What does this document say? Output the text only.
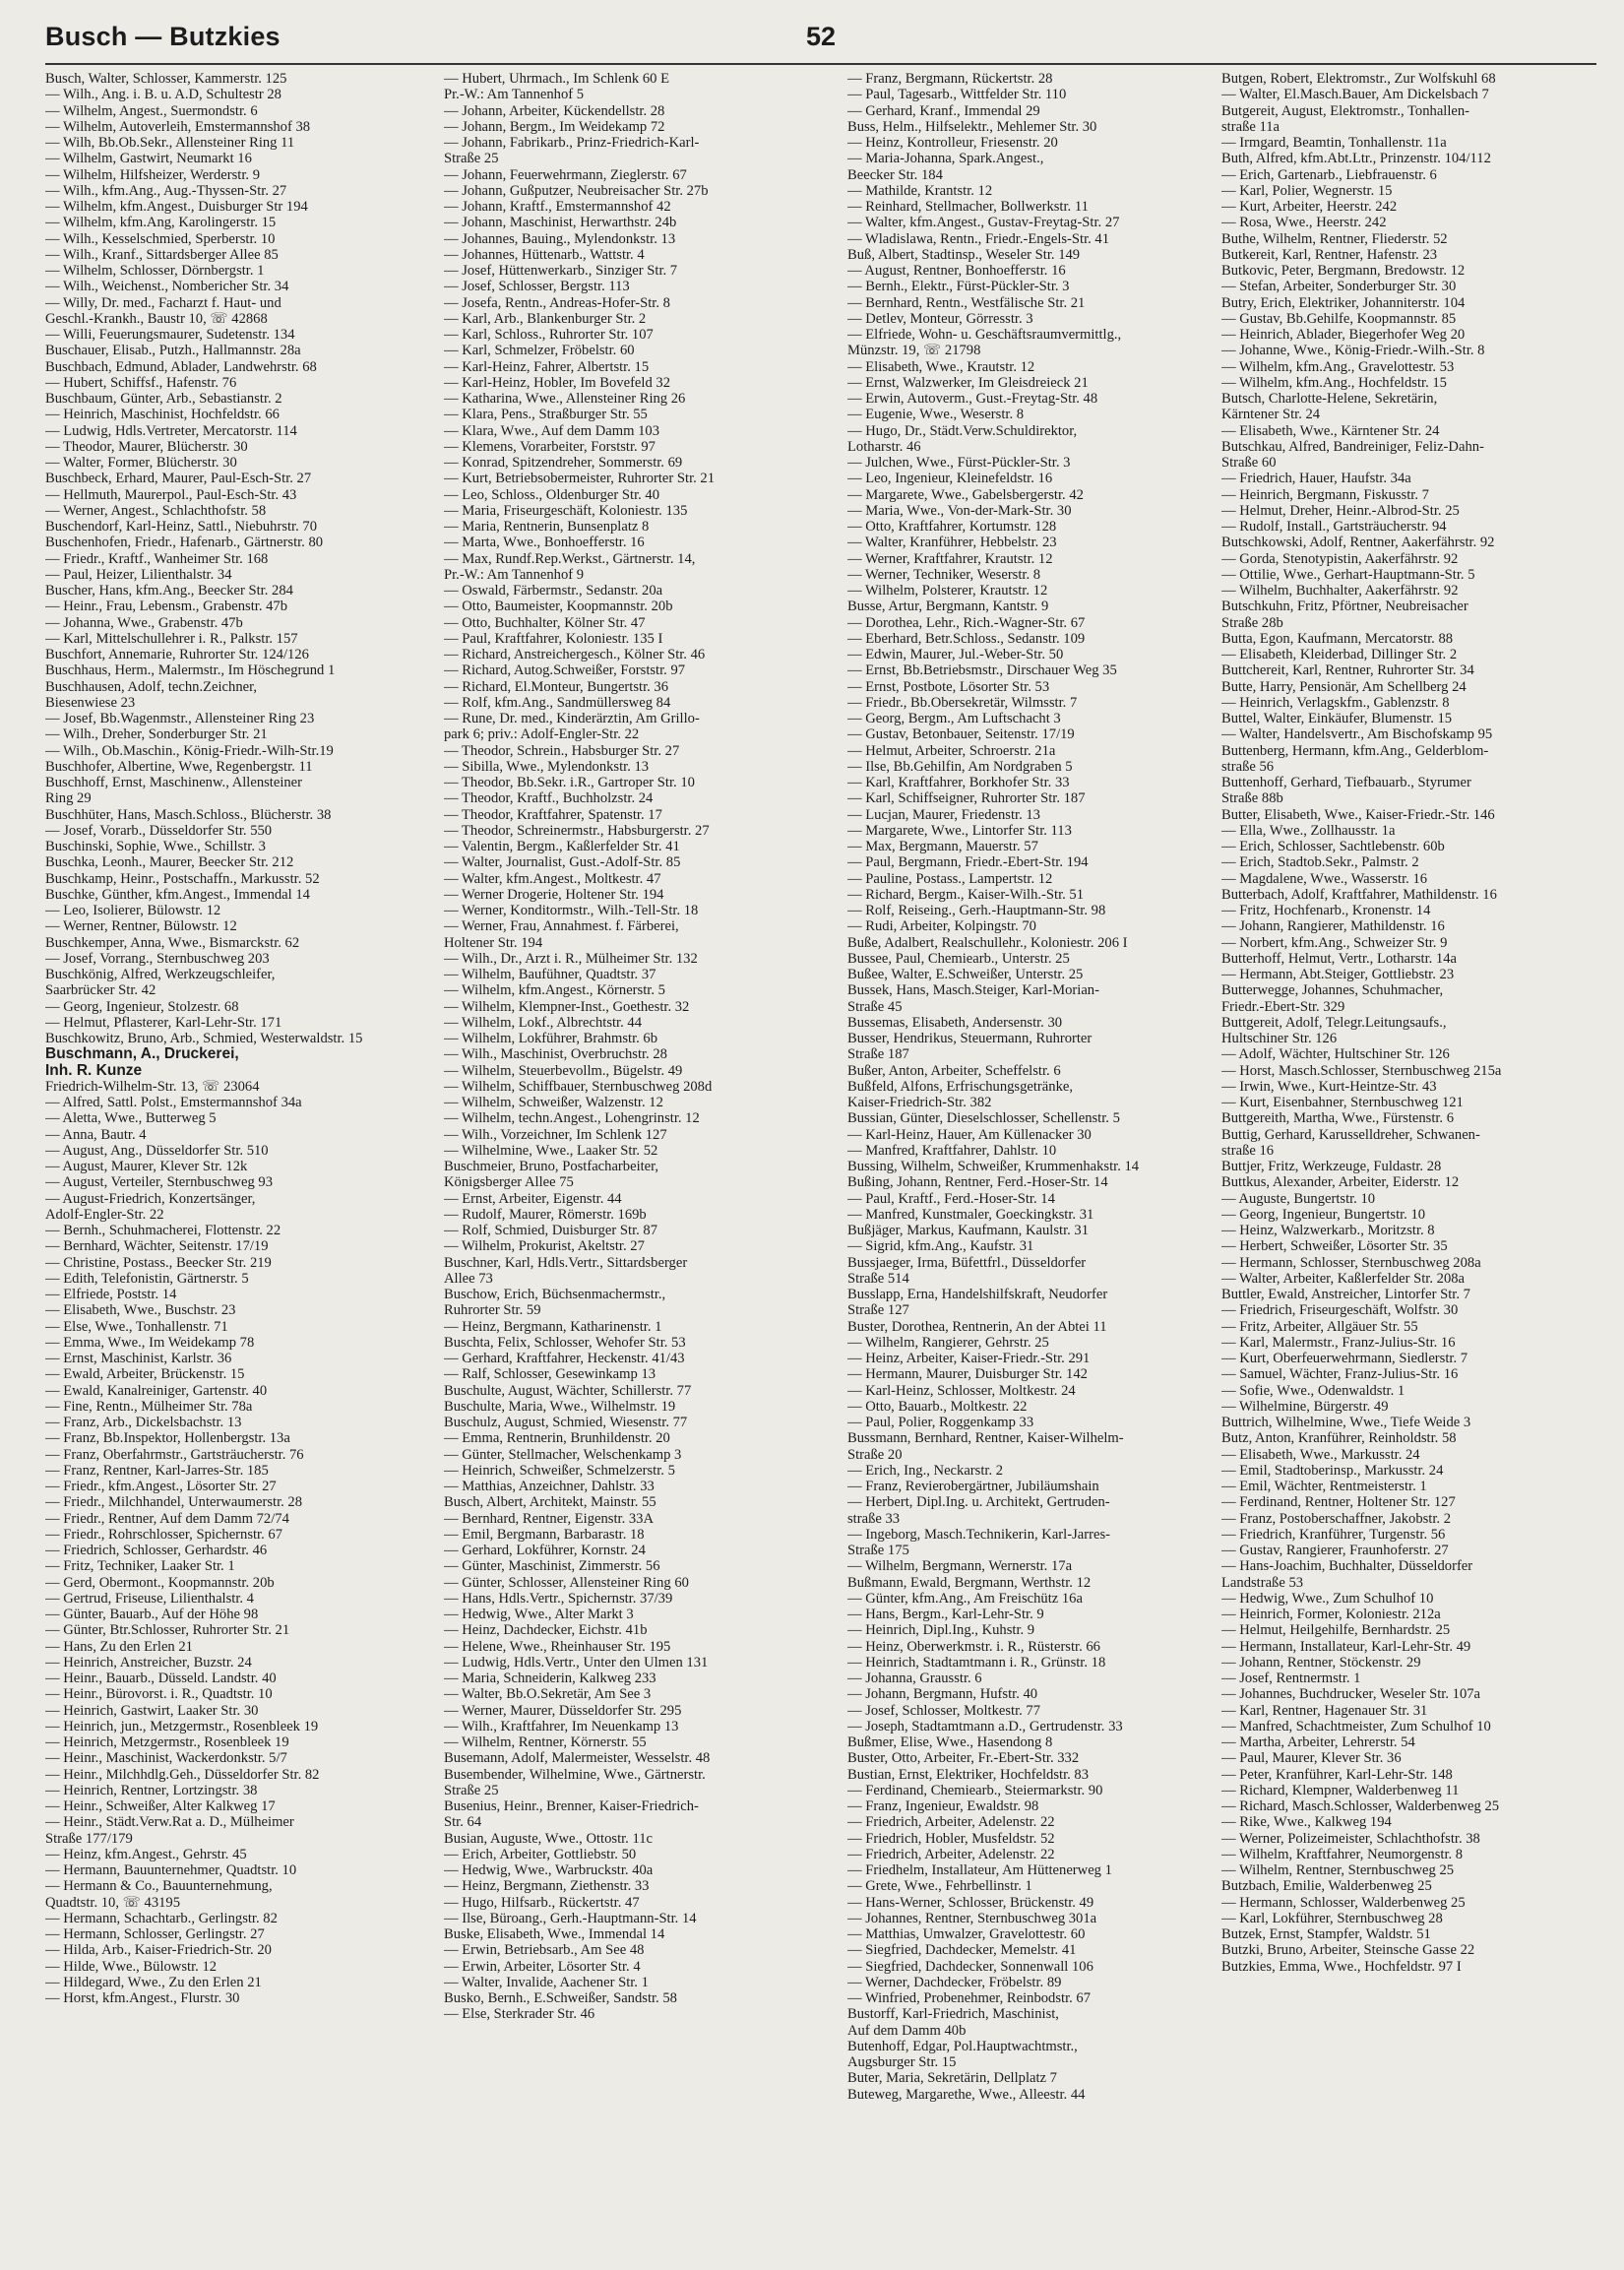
Busch — Butzkies	52
Busch, Walter, Schlosser, Kammerstr. 125
— Wilh., Ang. i. B. u. A.D, Schultestr 28
— Wilhelm, Angest., Suermondstr. 6
— Wilhelm, Autoverleih, Emstermannshof 38
— Wilh, Bb.Ob.Sekr., Allensteiner Ring 11
— Wilhelm, Gastwirt, Neumarkt 16
— Wilhelm, Hilfsheizer, Werderstr. 9
— Wilh., kfm.Ang., Aug.-Thyssen-Str. 27
— Wilhelm, kfm.Angest., Duisburger Str 194
— Wilhelm, kfm.Ang, Karolingerstr. 15
— Wilh., Kesselschmied, Sperberstr. 10
— Wilh., Kranf., Sittardsberger Allee 85
— Wilhelm, Schlosser, Dörnbergstr. 1
— Wilh., Weichenst., Nombericher Str. 34
— Willy, Dr. med., Facharzt f. Haut- und
Geschl.-Krankh., Baustr 10, ☏ 42868
— Willi, Feuerungsmaurer, Sudetenstr. 134
Buschauer, Elisab., Putzh., Hallmannstr. 28a
Buschbach, Edmund, Ablader, Landwehrstr. 68
— Hubert, Schiffsf., Hafenstr. 76
Buschbaum, Günter, Arb., Sebastianstr. 2
— Heinrich, Maschinist, Hochfeldstr. 66
— Ludwig, Hdls.Vertreter, Mercatorstr. 114
— Theodor, Maurer, Blücherstr. 30
— Walter, Former, Blücherstr. 30
Buschbeck, Erhard, Maurer, Paul-Esch-Str. 27
— Hellmuth, Maurerpol., Paul-Esch-Str. 43
— Werner, Angest., Schlachthofstr. 58
Buschendorf, Karl-Heinz, Sattl., Niebuhrstr. 70
Buschenhofen, Friedr., Hafenarb., Gärtnerstr. 80
— Friedr., Kraftf., Wanheimer Str. 168
— Paul, Heizer, Lilienthalstr. 34
Buscher, Hans, kfm.Ang., Beecker Str. 284
— Heinr., Frau, Lebensm., Grabenstr. 47b
— Johanna, Wwe., Grabenstr. 47b
— Karl, Mittelschullehrer i. R., Palkstr. 157
Buschfort, Annemarie, Ruhrorter Str. 124/126
Buschhaus, Herm., Malermstr., Im Höschegrund 1
Buschhausen, Adolf, techn.Zeichner,
Biesenwiese 23
— Josef, Bb.Wagenmstr., Allensteiner Ring 23
— Wilh., Dreher, Sonderburger Str. 21
— Wilh., Ob.Maschin., König-Friedr.-Wilh-Str.19
Buschhofer, Albertine, Wwe, Regenbergstr. 11
Buschhoff, Ernst, Maschinenw., Allensteiner
Ring 29
Buschhüter, Hans, Masch.Schloss., Blücherstr. 38
— Josef, Vorarb., Düsseldorfer Str. 550
Buschinski, Sophie, Wwe., Schillstr. 3
Buschka, Leonh., Maurer, Beecker Str. 212
Buschkamp, Heinr., Postschaffn., Markusstr. 52
Buschke, Günther, kfm.Angest., Immendal 14
— Leo, Isolierer, Bülowstr. 12
— Werner, Rentner, Bülowstr. 12
Buschkemper, Anna, Wwe., Bismarckstr. 62
— Josef, Vorrang., Sternbuschweg 203
Buschkönig, Alfred, Werkzeugschleifer,
Saarbrücker Str. 42
— Georg, Ingenieur, Stolzestr. 68
— Helmut, Pflasterer, Karl-Lehr-Str. 171
Buschkowitz, Bruno, Arb., Schmied, Westerwaldstr. 15
Buschmann, A., Druckerei,
Inh. R. Kunze
Friedrich-Wilhelm-Str. 13, ☏ 23064
— Alfred, Sattl. Polst., Emstermannshof 34a
— Aletta, Wwe., Butterweg 5
— Anna, Bautr. 4
— August, Ang., Düsseldorfer Str. 510
— August, Maurer, Klever Str. 12k
— August, Verteiler, Sternbuschweg 93
— August-Friedrich, Konzertsänger,
Adolf-Engler-Str. 22
— Bernh., Schuhmacherei, Flottenstr. 22
— Bernhard, Wächter, Seitenstr. 17/19
— Christine, Postass., Beecker Str. 219
— Edith, Telefonistin, Gärtnerstr. 5
— Elfriede, Poststr. 14
— Elisabeth, Wwe., Buschstr. 23
— Else, Wwe., Tonhallenstr. 71
— Emma, Wwe., Im Weidekamp 78
— Ernst, Maschinist, Karlstr. 36
— Ewald, Arbeiter, Brückenstr. 15
— Ewald, Kanalreiniger, Gartenstr. 40
— Fine, Rentn., Mülheimer Str. 78a
— Franz, Arb., Dickelsbachstr. 13
— Franz, Bb.Inspektor, Hollenbergstr. 13a
— Franz, Oberfahrmstr., Gartsträucherstr. 76
— Franz, Rentner, Karl-Jarres-Str. 185
— Friedr., kfm.Angest., Lösorter Str. 27
— Friedr., Milchhandel, Unterwaumerstr. 28
— Friedr., Rentner, Auf dem Damm 72/74
— Friedr., Rohrschlosser, Spichernstr. 67
— Friedrich, Schlosser, Gerhardstr. 46
— Fritz, Techniker, Laaker Str. 1
— Gerd, Obermont., Koopmannstr. 20b
— Gertrud, Friseuse, Lilienthalstr. 4
— Günter, Bauarb., Auf der Höhe 98
— Günter, Btr.Schlosser, Ruhrorter Str. 21
— Hans, Zu den Erlen 21
— Heinrich, Anstreicher, Buzstr. 24
— Heinr., Bauarb., Düsseld. Landstr. 40
— Heinr., Bürovorst. i. R., Quadtstr. 10
— Heinrich, Gastwirt, Laaker Str. 30
— Heinrich, jun., Metzgermstr., Rosenbleek 19
— Heinrich, Metzgermstr., Rosenbleek 19
— Heinr., Maschinist, Wackerdonkstr. 5/7
— Heinr., Milchhdlg.Geh., Düsseldorfer Str. 82
— Heinrich, Rentner, Lortzingstr. 38
— Heinr., Schweißer, Alter Kalkweg 17
— Heinr., Städt.Verw.Rat a. D., Mülheimer
Straße 177/179
— Heinz, kfm.Angest., Gehrstr. 45
— Hermann, Bauunternehmer, Quadtstr. 10
— Hermann & Co., Bauunternehmung,
Quadtstr. 10, ☏ 43195
— Hermann, Schachtarb., Gerlingstr. 82
— Hermann, Schlosser, Gerlingstr. 27
— Hilda, Arb., Kaiser-Friedrich-Str. 20
— Hilde, Wwe., Bülowstr. 12
— Hildegard, Wwe., Zu den Erlen 21
— Horst, kfm.Angest., Flurstr. 30
— Hubert, Uhrmach., Im Schlenk 60 E
Pr.-W.: Am Tannenhof 5
— Johann, Arbeiter, Kückendellstr. 28
— Johann, Bergm., Im Weidekamp 72
— Johann, Fabrikarb., Prinz-Friedrich-Karl-
Straße 25
— Johann, Feuerwehrmann, Zieglerstr. 67
— Johann, Gußputzer, Neubreisacher Str. 27b
— Johann, Kraftf., Emstermannshof 42
— Johann, Maschinist, Herwarthstr. 24b
— Johannes, Bauing., Mylendonkstr. 13
— Johannes, Hüttenarb., Wattstr. 4
— Josef, Hüttenwerkarb., Sinziger Str. 7
— Josef, Schlosser, Bergstr. 113
— Josefa, Rentn., Andreas-Hofer-Str. 8
— Karl, Arb., Blankenburger Str. 2
— Karl, Schloss., Ruhrorter Str. 107
— Karl, Schmelzer, Fröbelstr. 60
— Karl-Heinz, Fahrer, Albertstr. 15
— Karl-Heinz, Hobler, Im Bovefeld 32
— Katharina, Wwe., Allensteiner Ring 26
— Klara, Pens., Straßburger Str. 55
— Klara, Wwe., Auf dem Damm 103
— Klemens, Vorarbeiter, Forststr. 97
— Konrad, Spitzendreher, Sommerstr. 69
— Kurt, Betriebsobermeister, Ruhrorter Str. 21
— Leo, Schloss., Oldenburger Str. 40
— Maria, Friseurgeschäft, Koloniestr. 135
— Maria, Rentnerin, Bunsenplatz 8
— Marta, Wwe., Bonhoefferstr. 16
— Max, Rundf.Rep.Werkst., Gärtnerstr. 14,
Pr.-W.: Am Tannenhof 9
— Oswald, Färbermstr., Sedanstr. 20a
— Otto, Baumeister, Koopmannstr. 20b
— Otto, Buchhalter, Kölner Str. 47
— Paul, Kraftfahrer, Koloniestr. 135 I
— Richard, Anstreichergesch., Kölner Str. 46
— Richard, Autog.Schweißer, Forststr. 97
— Richard, El.Monteur, Bungertstr. 36
— Rolf, kfm.Ang., Sandmüllersweg 84
— Rune, Dr. med., Kinderärztin, Am Grillo-
park 6; priv.: Adolf-Engler-Str. 22
— Theodor, Schrein., Habsburger Str. 27
— Sibilla, Wwe., Mylendonkstr. 13
— Theodor, Bb.Sekr. i.R., Gartroper Str. 10
— Theodor, Kraftf., Buchholzstr. 24
— Theodor, Kraftfahrer, Spatenstr. 17
— Theodor, Schreinermstr., Habsburgerstr. 27
— Valentin, Bergm., Kaßlerfelder Str. 41
— Walter, Journalist, Gust.-Adolf-Str. 85
— Walter, kfm.Angest., Moltkestr. 47
— Werner Drogerie, Holtener Str. 194
— Werner, Konditormstr., Wilh.-Tell-Str. 18
— Werner, Frau, Annahmest. f. Färberei,
Holtener Str. 194
— Wilh., Dr., Arzt i. R., Mülheimer Str. 132
— Wilhelm, Baufühner, Quadtstr. 37
— Wilhelm, kfm.Angest., Körnerstr. 5
— Wilhelm, Klempner-Inst., Goethestr. 32
— Wilhelm, Lokf., Albrechtstr. 44
— Wilhelm, Lokführer, Brahmstr. 6b
— Wilh., Maschinist, Overbruchstr. 28
— Wilhelm, Steuerbevollm., Bügelstr. 49
— Wilhelm, Schiffbauer, Sternbuschweg 208d
— Wilhelm, Schweißer, Walzenstr. 12
— Wilhelm, techn.Angest., Lohengrinstr. 12
— Wilh., Vorzeichner, Im Schlenk 127
— Wilhelmine, Wwe., Laaker Str. 52
Buschmeier, Bruno, Postfacharbeiter,
Königsberger Allee 75
— Ernst, Arbeiter, Eigenstr. 44
— Rudolf, Maurer, Römerstr. 169b
— Rolf, Schmied, Duisburger Str. 87
— Wilhelm, Prokurist, Akeltstr. 27
Buschner, Karl, Hdls.Vertr., Sittardsberger
Allee 73
Buschow, Erich, Büchsenmachermstr.,
Ruhrorter Str. 59
— Heinz, Bergmann, Katharinenstr. 1
Buschta, Felix, Schlosser, Wehofer Str. 53
— Gerhard, Kraftfahrer, Heckenstr. 41/43
— Ralf, Schlosser, Gesewinkamp 13
Buschulte, August, Wächter, Schillerstr. 77
Buschulte, Maria, Wwe., Wilhelmstr. 19
Buschulz, August, Schmied, Wiesenstr. 77
— Emma, Rentnerin, Brunhildenstr. 20
— Günter, Stellmacher, Welschenkamp 3
— Heinrich, Schweißer, Schmelzerstr. 5
— Matthias, Anzeichner, Dahlstr. 33
Busch, Albert, Architekt, Mainstr. 55
— Bernhard, Rentner, Eigenstr. 33A
— Emil, Bergmann, Barbarastr. 18
— Gerhard, Lokführer, Kornstr. 24
— Günter, Maschinist, Zimmerstr. 56
— Günter, Schlosser, Allensteiner Ring 60
— Hans, Hdls.Vertr., Spichernstr. 37/39
— Hedwig, Wwe., Alter Markt 3
— Heinz, Dachdecker, Eichstr. 41b
— Helene, Wwe., Rheinhauser Str. 195
— Ludwig, Hdls.Vertr., Unter den Ulmen 131
— Maria, Schneiderin, Kalkweg 233
— Walter, Bb.O.Sekretär, Am See 3
— Werner, Maurer, Düsseldorfer Str. 295
— Wilh., Kraftfahrer, Im Neuenkamp 13
— Wilhelm, Rentner, Körnerstr. 55
Busemann, Adolf, Malermeister, Wesselstr. 48
Busembender, Wilhelmine, Wwe., Gärtnerstr.
Straße 25
Busenius, Heinr., Brenner, Kaiser-Friedrich-
Str. 64
Busian, Auguste, Wwe., Ottostr. 11c
— Erich, Arbeiter, Gottliebstr. 50
— Hedwig, Wwe., Warbruckstr. 40a
— Heinz, Bergmann, Ziethenstr. 33
— Hugo, Hilfsarb., Rückertstr. 47
— Ilse, Büroang., Gerh.-Hauptmann-Str. 14
Buske, Elisabeth, Wwe., Immendal 14
— Erwin, Betriebsarb., Am See 48
— Erwin, Arbeiter, Lösorter Str. 4
— Walter, Invalide, Aachener Str. 1
Busko, Bernh., E.Schweißer, Sandstr. 58
— Else, Sterkrader Str. 46
— Franz, Bergmann, Rückertstr. 28
— Paul, Tagesarb., Wittfelder Str. 110
— Gerhard, Kranf., Immendal 29
Buss, Helm., Hilfselektr., Mehlemer Str. 30
— Heinz, Kontrolleur, Friesenstr. 20
— Maria-Johanna, Spark.Angest.,
Beecker Str. 184
— Mathilde, Krantstr. 12
— Reinhard, Stellmacher, Bollwerkstr. 11
— Walter, kfm.Angest., Gustav-Freytag-Str. 27
— Wladislawa, Rentn., Friedr.-Engels-Str. 41
Buß, Albert, Stadtinsp., Weseler Str. 149
— August, Rentner, Bonhoefferstr. 16
— Bernh., Elektr., Fürst-Pückler-Str. 3
— Bernhard, Rentn., Westfälische Str. 21
— Detlev, Monteur, Görresstr. 3
— Elfriede, Wohn- u. Geschäftsraumvermittlg.,
Münzstr. 19, ☏ 21798
— Elisabeth, Wwe., Krautstr. 12
— Ernst, Walzwerker, Im Gleisdreieck 21
— Erwin, Autoverm., Gust.-Freytag-Str. 48
— Eugenie, Wwe., Weserstr. 8
— Hugo, Dr., Städt.Verw.Schuldirektor,
Lotharstr. 46
— Julchen, Wwe., Fürst-Pückler-Str. 3
— Leo, Ingenieur, Kleinefeldstr. 16
— Margarete, Wwe., Gabelsbergerstr. 42
— Maria, Wwe., Von-der-Mark-Str. 30
— Otto, Kraftfahrer, Kortumstr. 128
— Walter, Kranführer, Hebbelstr. 23
— Werner, Kraftfahrer, Krautstr. 12
— Werner, Techniker, Weserstr. 8
— Wilhelm, Polsterer, Krautstr. 12
Busse, Artur, Bergmann, Kantstr. 9
— Dorothea, Lehr., Rich.-Wagner-Str. 67
— Eberhard, Betr.Schloss., Sedanstr. 109
— Edwin, Maurer, Jul.-Weber-Str. 50
— Ernst, Bb.Betriebsmstr., Dirschauer Weg 35
— Ernst, Postbote, Lösorter Str. 53
— Friedr., Bb.Obersekretär, Wilmsstr. 7
— Georg, Bergm., Am Luftschacht 3
— Gustav, Betonbauer, Seitenstr. 17/19
— Helmut, Arbeiter, Schroerstr. 21a
— Ilse, Bb.Gehilfin, Am Nordgraben 5
— Karl, Kraftfahrer, Borkhofer Str. 33
— Karl, Schiffseigner, Ruhrorter Str. 187
— Lucjan, Maurer, Friedenstr. 13
— Margarete, Wwe., Lintorfer Str. 113
— Max, Bergmann, Mauerstr. 57
— Paul, Bergmann, Friedr.-Ebert-Str. 194
— Pauline, Postass., Lampertstr. 12
— Richard, Bergm., Kaiser-Wilh.-Str. 51
— Rolf, Reiseing., Gerh.-Hauptmann-Str. 98
— Rudi, Arbeiter, Kolpingstr. 70
Buße, Adalbert, Realschullehr., Koloniestr. 206 I
Bussee, Paul, Chemiearb., Unterstr. 25
Bußee, Walter, E.Schweißer, Unterstr. 25
Bussek, Hans, Masch.Steiger, Karl-Morian-
Straße 45
Bussemas, Elisabeth, Andersenstr. 30
Busser, Hendrikus, Steuermann, Ruhrorter
Straße 187
Bußer, Anton, Arbeiter, Scheffelstr. 6
Bußfeld, Alfons, Erfrischungsgetränke,
Kaiser-Friedrich-Str. 382
Bussian, Günter, Dieselschlosser, Schellenstr. 5
— Karl-Heinz, Hauer, Am Küllenacker 30
— Manfred, Kraftfahrer, Dahlstr. 10
Bussing, Wilhelm, Schweißer, Krummenhakstr. 14
Bußing, Johann, Rentner, Ferd.-Hoser-Str. 14
— Paul, Kraftf., Ferd.-Hoser-Str. 14
— Manfred, Kunstmaler, Goeckingkstr. 31
Bußjäger, Markus, Kaufmann, Kaulstr. 31
— Sigrid, kfm.Ang., Kaufstr. 31
Bussjaeger, Irma, Büfettfrl., Düsseldorfer
Straße 514
Busslapp, Erna, Handelshilfskraft, Neudorfer
Straße 127
Buster, Dorothea, Rentnerin, An der Abtei 11
— Wilhelm, Rangierer, Gehrstr. 25
— Heinz, Arbeiter, Kaiser-Friedr.-Str. 291
— Hermann, Maurer, Duisburger Str. 142
— Karl-Heinz, Schlosser, Moltkestr. 24
— Otto, Bauarb., Moltkestr. 22
— Paul, Polier, Roggenkamp 33
Bussmann, Bernhard, Rentner, Kaiser-Wilhelm-
Straße 20
— Erich, Ing., Neckarstr. 2
— Franz, Revierobergärtner, Jubiläumshain
— Herbert, Dipl.Ing. u. Architekt, Gertruden-
straße 33
— Ingeborg, Masch.Technikerin, Karl-Jarres-
Straße 175
— Wilhelm, Bergmann, Wernerstr. 17a
Bußmann, Ewald, Bergmann, Werthstr. 12
— Günter, kfm.Ang., Am Freischütz 16a
— Hans, Bergm., Karl-Lehr-Str. 9
— Heinrich, Dipl.Ing., Kuhstr. 9
— Heinz, Oberwerkmstr. i. R., Rüsterstr. 66
— Heinrich, Stadtamtmann i. R., Grünstr. 18
— Johanna, Grausstr. 6
— Johann, Bergmann, Hufstr. 40
— Josef, Schlosser, Moltkestr. 77
— Joseph, Stadtamtmann a.D., Gertrudenstr. 33
Bußmer, Elise, Wwe., Hasendong 8
Buster, Otto, Arbeiter, Fr.-Ebert-Str. 332
Bustian, Ernst, Elektriker, Hochfeldstr. 83
— Ferdinand, Chemiearb., Steiermarkstr. 90
— Franz, Ingenieur, Ewaldstr. 98
— Friedrich, Arbeiter, Adelenstr. 22
— Friedrich, Hobler, Musfeldstr. 52
— Friedrich, Arbeiter, Adelenstr. 22
— Friedhelm, Installateur, Am Hüttenerweg 1
— Grete, Wwe., Fehrbellinstr. 1
— Hans-Werner, Schlosser, Brückenstr. 49
— Johannes, Rentner, Sternbuschweg 301a
— Matthias, Umwalzer, Gravelottestr. 60
— Siegfried, Dachdecker, Memelstr. 41
— Siegfried, Dachdecker, Sonnenwall 106
— Werner, Dachdecker, Fröbelstr. 89
— Winfried, Probenehmer, Reinbodstr. 67
Bustorff, Karl-Friedrich, Maschinist,
Auf dem Damm 40b
Butenhoff, Edgar, Pol.Hauptwachtmstr.,
Augsburger Str. 15
Buter, Maria, Sekretärin, Dellplatz 7
Buteweg, Margarethe, Wwe., Alleestr. 44
Butgen, Robert, Elektromstr., Zur Wolfskuhl 68
— Walter, El.Masch.Bauer, Am Dickelsbach 7
Butgereit, August, Elektromstr., Tonhallen-
straße 11a
— Irmgard, Beamtin, Tonhallenstr. 11a
Buth, Alfred, kfm.Abt.Ltr., Prinzenstr. 104/112
— Erich, Gartenarb., Liebfrauenstr. 6
— Karl, Polier, Wegnerstr. 15
— Kurt, Arbeiter, Heerstr. 242
— Rosa, Wwe., Heerstr. 242
Buthe, Wilhelm, Rentner, Fliederstr. 52
Butkereit, Karl, Rentner, Hafenstr. 23
Butkovic, Peter, Bergmann, Bredowstr. 12
— Stefan, Arbeiter, Sonderburger Str. 30
Butry, Erich, Elektriker, Johanniterstr. 104
— Gustav, Bb.Gehilfe, Koopmannstr. 85
— Heinrich, Ablader, Biegerhofer Weg 20
— Johanne, Wwe., König-Friedr.-Wilh.-Str. 8
— Wilhelm, kfm.Ang., Gravelottestr. 53
— Wilhelm, kfm.Ang., Hochfeldstr. 15
Butsch, Charlotte-Helene, Sekretärin,
Kärntener Str. 24
— Elisabeth, Wwe., Kärntener Str. 24
Butschkau, Alfred, Bandreiniger, Feliz-Dahn-
Straße 60
— Friedrich, Hauer, Haufstr. 34a
— Heinrich, Bergmann, Fiskusstr. 7
— Helmut, Dreher, Heinr.-Albrod-Str. 25
— Rudolf, Install., Gartsträucherstr. 94
Butschkowski, Adolf, Rentner, Aakerfährstr. 92
— Gorda, Stenotypistin, Aakerfährstr. 92
— Ottilie, Wwe., Gerhart-Hauptmann-Str. 5
— Wilhelm, Buchhalter, Aakerfährstr. 92
Butschkuhn, Fritz, Pförtner, Neubreisacher
Straße 28b
Butta, Egon, Kaufmann, Mercatorstr. 88
— Elisabeth, Kleiderbad, Dillinger Str. 2
Buttchereit, Karl, Rentner, Ruhrorter Str. 34
Butte, Harry, Pensionär, Am Schellberg 24
— Heinrich, Verlagskfm., Gablenzstr. 8
Buttel, Walter, Einkäufer, Blumenstr. 15
— Walter, Handelsvertr., Am Bischofskamp 95
Buttenberg, Hermann, kfm.Ang., Gelderblom-
straße 56
Buttenhoff, Gerhard, Tiefbauarb., Styrumer
Straße 88b
Butter, Elisabeth, Wwe., Kaiser-Friedr.-Str. 146
— Ella, Wwe., Zollhausstr. 1a
— Erich, Schlosser, Sachtlebenstr. 60b
— Erich, Stadtob.Sekr., Palmstr. 2
— Magdalene, Wwe., Wasserstr. 16
Butterbach, Adolf, Kraftfahrer, Mathildenstr. 16
— Fritz, Hochfenarb., Kronenstr. 14
— Johann, Rangierer, Mathildenstr. 16
— Norbert, kfm.Ang., Schweizer Str. 9
Butterhoff, Helmut, Vertr., Lotharstr. 14a
— Hermann, Abt.Steiger, Gottliebstr. 23
Butterwegge, Johannes, Schuhmacher,
Friedr.-Ebert-Str. 329
Buttgereit, Adolf, Telegr.Leitungsaufs.,
Hultschiner Str. 126
— Adolf, Wächter, Hultschiner Str. 126
— Horst, Masch.Schlosser, Sternbuschweg 215a
— Irwin, Wwe., Kurt-Heintze-Str. 43
— Kurt, Eisenbahner, Sternbuschweg 121
Buttgereith, Martha, Wwe., Fürstenstr. 6
Buttig, Gerhard, Karusselldreher, Schwanen-
straße 16
Buttjer, Fritz, Werkzeuge, Fuldastr. 28
Buttkus, Alexander, Arbeiter, Eiderstr. 12
— Auguste, Bungertstr. 10
— Georg, Ingenieur, Bungertstr. 10
— Heinz, Walzwerkarb., Moritzstr. 8
— Herbert, Schweißer, Lösorter Str. 35
— Hermann, Schlosser, Sternbuschweg 208a
— Walter, Arbeiter, Kaßlerfelder Str. 208a
Buttler, Ewald, Anstreicher, Lintorfer Str. 7
— Friedrich, Friseurgeschäft, Wolfstr. 30
— Fritz, Arbeiter, Allgäuer Str. 55
— Karl, Malermstr., Franz-Julius-Str. 16
— Kurt, Oberfeuerwehrmann, Siedlerstr. 7
— Samuel, Wächter, Franz-Julius-Str. 16
— Sofie, Wwe., Odenwaldstr. 1
— Wilhelmine, Bürgerstr. 49
Buttrich, Wilhelmine, Wwe., Tiefe Weide 3
Butz, Anton, Kranführer, Reinholdstr. 58
— Elisabeth, Wwe., Markusstr. 24
— Emil, Stadtoberinsp., Markusstr. 24
— Emil, Wächter, Rentmeisterstr. 1
— Ferdinand, Rentner, Holtener Str. 127
— Franz, Postoberschaffner, Jakobstr. 2
— Friedrich, Kranführer, Turgenstr. 56
— Gustav, Rangierer, Fraunhoferstr. 27
— Hans-Joachim, Buchhalter, Düsseldorfer
Landstraße 53
— Hedwig, Wwe., Zum Schulhof 10
— Heinrich, Former, Koloniestr. 212a
— Helmut, Heilgehilfe, Bernhardstr. 25
— Hermann, Installateur, Karl-Lehr-Str. 49
— Johann, Rentner, Stöckenstr. 29
— Josef, Rentnermstr. 1
— Johannes, Buchdrucker, Weseler Str. 107a
— Karl, Rentner, Hagenauer Str. 31
— Manfred, Schachtmeister, Zum Schulhof 10
— Martha, Arbeiter, Lehrerstr. 54
— Paul, Maurer, Klever Str. 36
— Peter, Kranführer, Karl-Lehr-Str. 148
— Richard, Klempner, Walderbenweg 11
— Richard, Masch.Schlosser, Walderbenweg 25
— Rike, Wwe., Kalkweg 194
— Werner, Polizeimeister, Schlachthofstr. 38
— Wilhelm, Kraftfahrer, Neumorgenstr. 8
— Wilhelm, Rentner, Sternbuschweg 25
Butzbach, Emilie, Walderbenweg 25
— Hermann, Schlosser, Walderbenweg 25
— Karl, Lokführer, Sternbuschweg 28
Butzek, Ernst, Stampfer, Waldstr. 51
Butzki, Bruno, Arbeiter, Steinsche Gasse 22
Butzkies, Emma, Wwe., Hochfeldstr. 97 I
